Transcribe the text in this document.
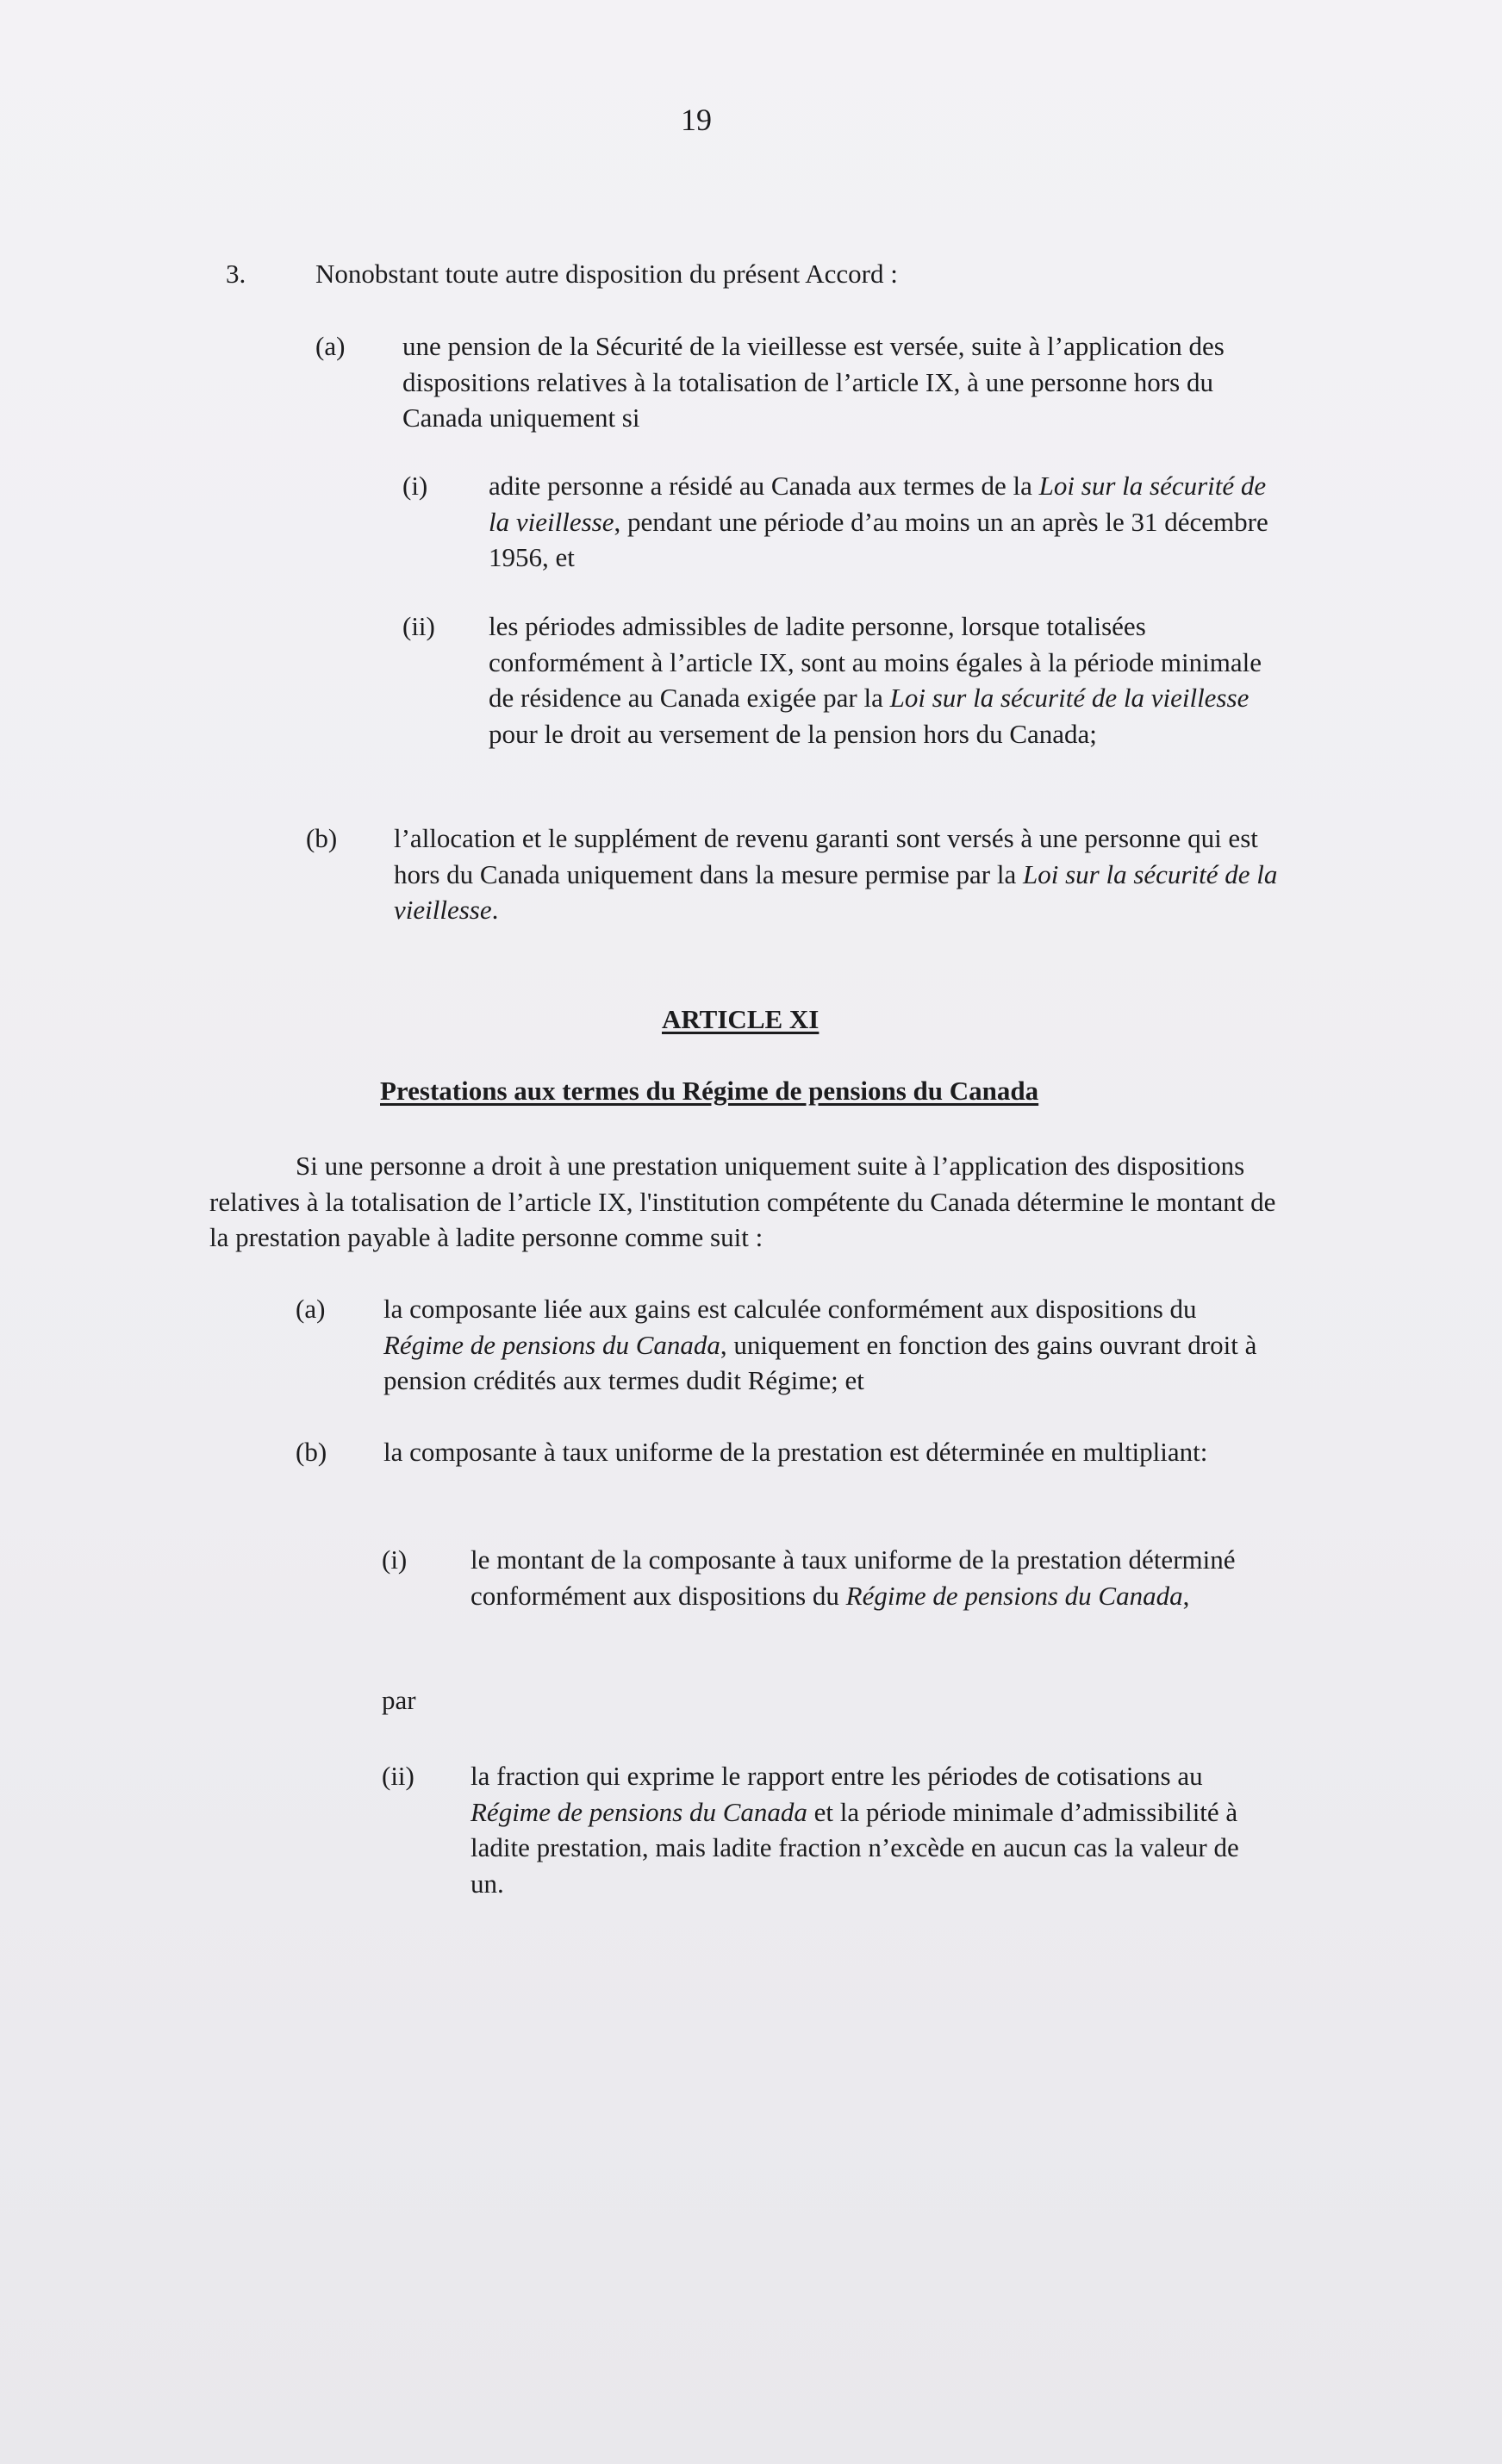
19
3.	Nonobstant toute autre disposition du présent Accord :
(a) une pension de la Sécurité de la vieillesse est versée, suite à l’application des dispositions relatives à la totalisation de l’article IX, à une personne hors du Canada uniquement si
(i) adite personne a résidé au Canada aux termes de la Loi sur la sécurité de la vieillesse, pendant une période d’au moins un an après le 31 décembre 1956, et
(ii) les périodes admissibles de ladite personne, lorsque totalisées conformément à l’article IX, sont au moins égales à la période minimale de résidence au Canada exigée par la Loi sur la sécurité de la vieillesse pour le droit au versement de la pension hors du Canada;
(b) l’allocation et le supplément de revenu garanti sont versés à une personne qui est hors du Canada uniquement dans la mesure permise par la Loi sur la sécurité de la vieillesse.
ARTICLE XI
Prestations aux termes du Régime de pensions du Canada
Si une personne a droit à une prestation uniquement suite à l’application des dispositions relatives à la totalisation de l’article IX, l'institution compétente du Canada détermine le montant de la prestation payable à ladite personne comme suit :
(a) la composante liée aux gains est calculée conformément aux dispositions du Régime de pensions du Canada, uniquement en fonction des gains ouvrant droit à pension crédités aux termes dudit Régime; et
(b) la composante à taux uniforme de la prestation est déterminée en multipliant:
(i) le montant de la composante à taux uniforme de la prestation déterminé conformément aux dispositions du Régime de pensions du Canada,
par
(ii) la fraction qui exprime le rapport entre les périodes de cotisations au Régime de pensions du Canada et la période minimale d’admissibilité à ladite prestation, mais ladite fraction n’excède en aucun cas la valeur de un.
